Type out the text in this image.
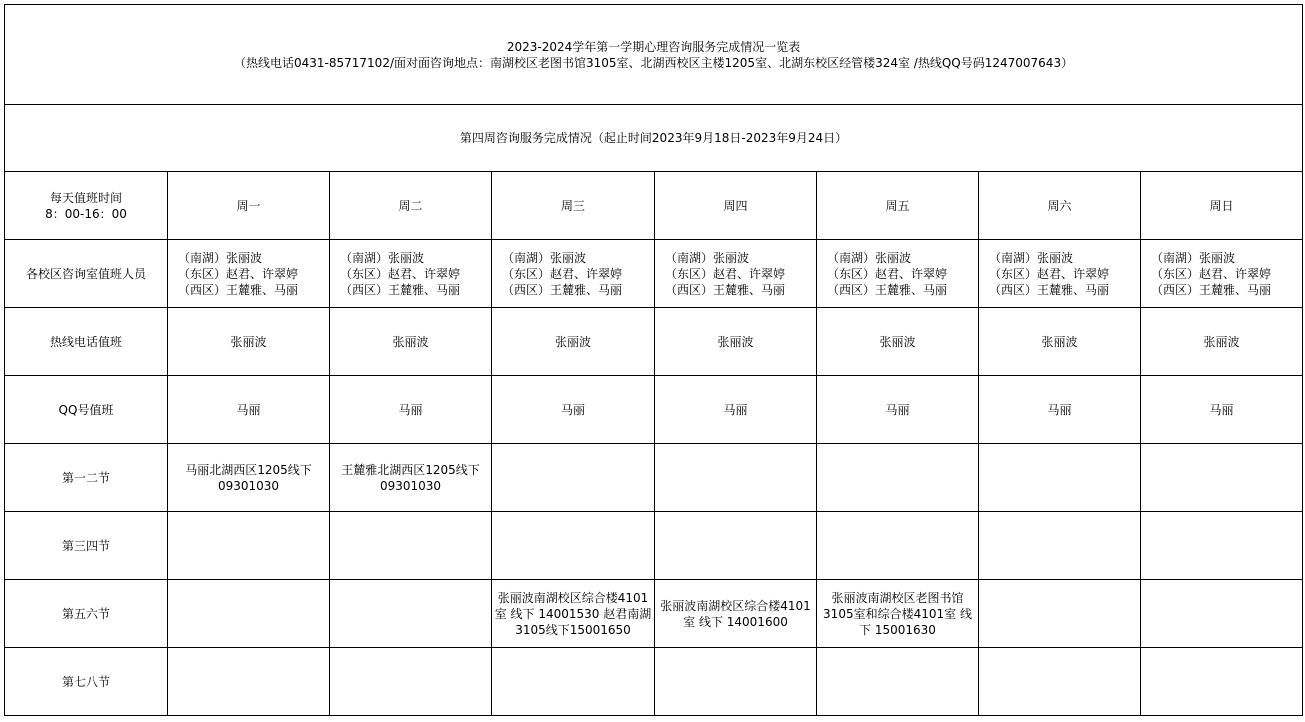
2023-2024学年第一学期心理咨询服务完成情况一览表
（热线电话0431-85717102/面对面咨询地点：南湖校区老图书馆3105室、北湖西校区主楼1205室、北湖东校区经管楼324室 /热线QQ号码1247007643）							

第四周咨询服务完成情况（起止时间2023年9月18日-2023年9月24日）							

每天值班时间
8：00-16：00	周一	周二	周三	周四	周五	周六	周日
各校区咨询室值班人员	（南湖）张丽波
（东区）赵君、许翠婷
（西区）王麓雅、马丽	（南湖）张丽波
（东区）赵君、许翠婷
（西区）王麓雅、马丽	（南湖）张丽波
（东区）赵君、许翠婷
（西区）王麓雅、马丽	（南湖）张丽波
（东区）赵君、许翠婷
（西区）王麓雅、马丽	（南湖）张丽波
（东区）赵君、许翠婷
（西区）王麓雅、马丽	（南湖）张丽波
（东区）赵君、许翠婷
（西区）王麓雅、马丽	（南湖）张丽波
（东区）赵君、许翠婷
（西区）王麓雅、马丽

热线电话值班	张丽波	张丽波	张丽波	张丽波	张丽波	张丽波	张丽波
QQ号值班	马丽	马丽	马丽	马丽	马丽	马丽	马丽
第一二节	马丽北湖西区1205线下09301030	王麓雅北湖西区1205线下09301030					
第三四节							
第五六节			张丽波南湖校区综合楼4101室 线下 14001530 赵君南湖3105线下15001650	张丽波南湖校区综合楼4101室 线下 14001600	张丽波南湖校区老图书馆3105室和综合楼4101室 线下 15001630		
第七八节							
